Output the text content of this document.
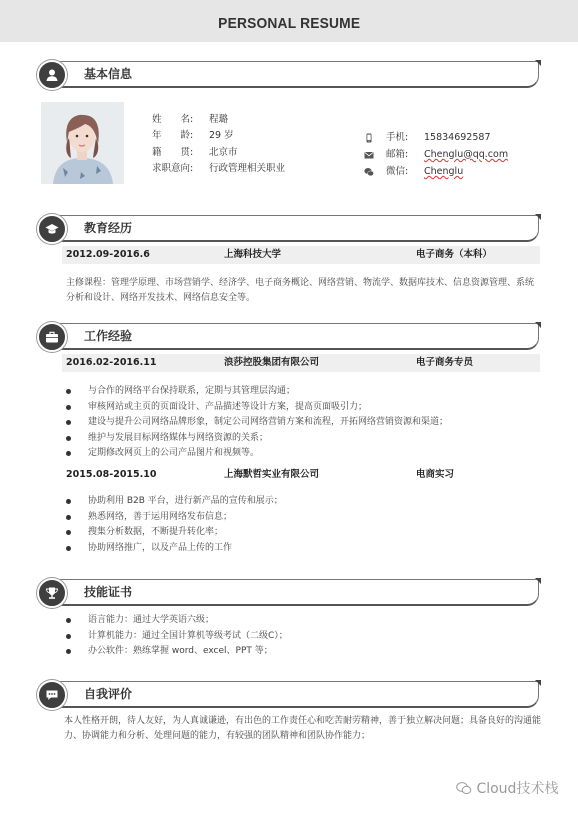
PERSONAL RESUME
基本信息
姓　　名: 程璐
年　　龄: 29 岁
籍　　贯: 北京市
求职意向: 行政管理相关职业
手机: 15834692587
邮箱: Chenglu@qq.com
微信: Chenglu
教育经历
2012.09-2016.6	上海科技大学	电子商务（本科）
主修课程：管理学原理、市场营销学、经济学、电子商务概论、网络营销、物流学、数据库技术、信息资源管理、系统分析和设计、网络开发技术、网络信息安全等。
工作经验
2016.02-2016.11	浪莎控股集团有限公司	电子商务专员
与合作的网络平台保持联系，定期与其管理层沟通；
审核网站或主页的页面设计、产品描述等设计方案，提高页面吸引力；
建设与提升公司网络品牌形象，制定公司网络营销方案和流程，开拓网络营销资源和渠道；
维护与发展目标网络媒体与网络资源的关系；
定期修改网页上的公司产品图片和视频等。
2015.08-2015.10	上海默哲实业有限公司	电商实习
协助利用 B2B 平台，进行新产品的宣传和展示；
熟悉网络，善于运用网络发布信息；
搜集分析数据，不断提升转化率；
协助网络推广，以及产品上传的工作
技能证书
语言能力：通过大学英语六级；
计算机能力：通过全国计算机等级考试（二级C）；
办公软件：熟练掌握 word、excel、PPT 等；
自我评价
本人性格开朗，待人友好，为人真诚谦逊，有出色的工作责任心和吃苦耐劳精神，善于独立解决问题；具备良好的沟通能力、协调能力和分析、处理问题的能力，有较强的团队精神和团队协作能力；
Cloud技术栈
